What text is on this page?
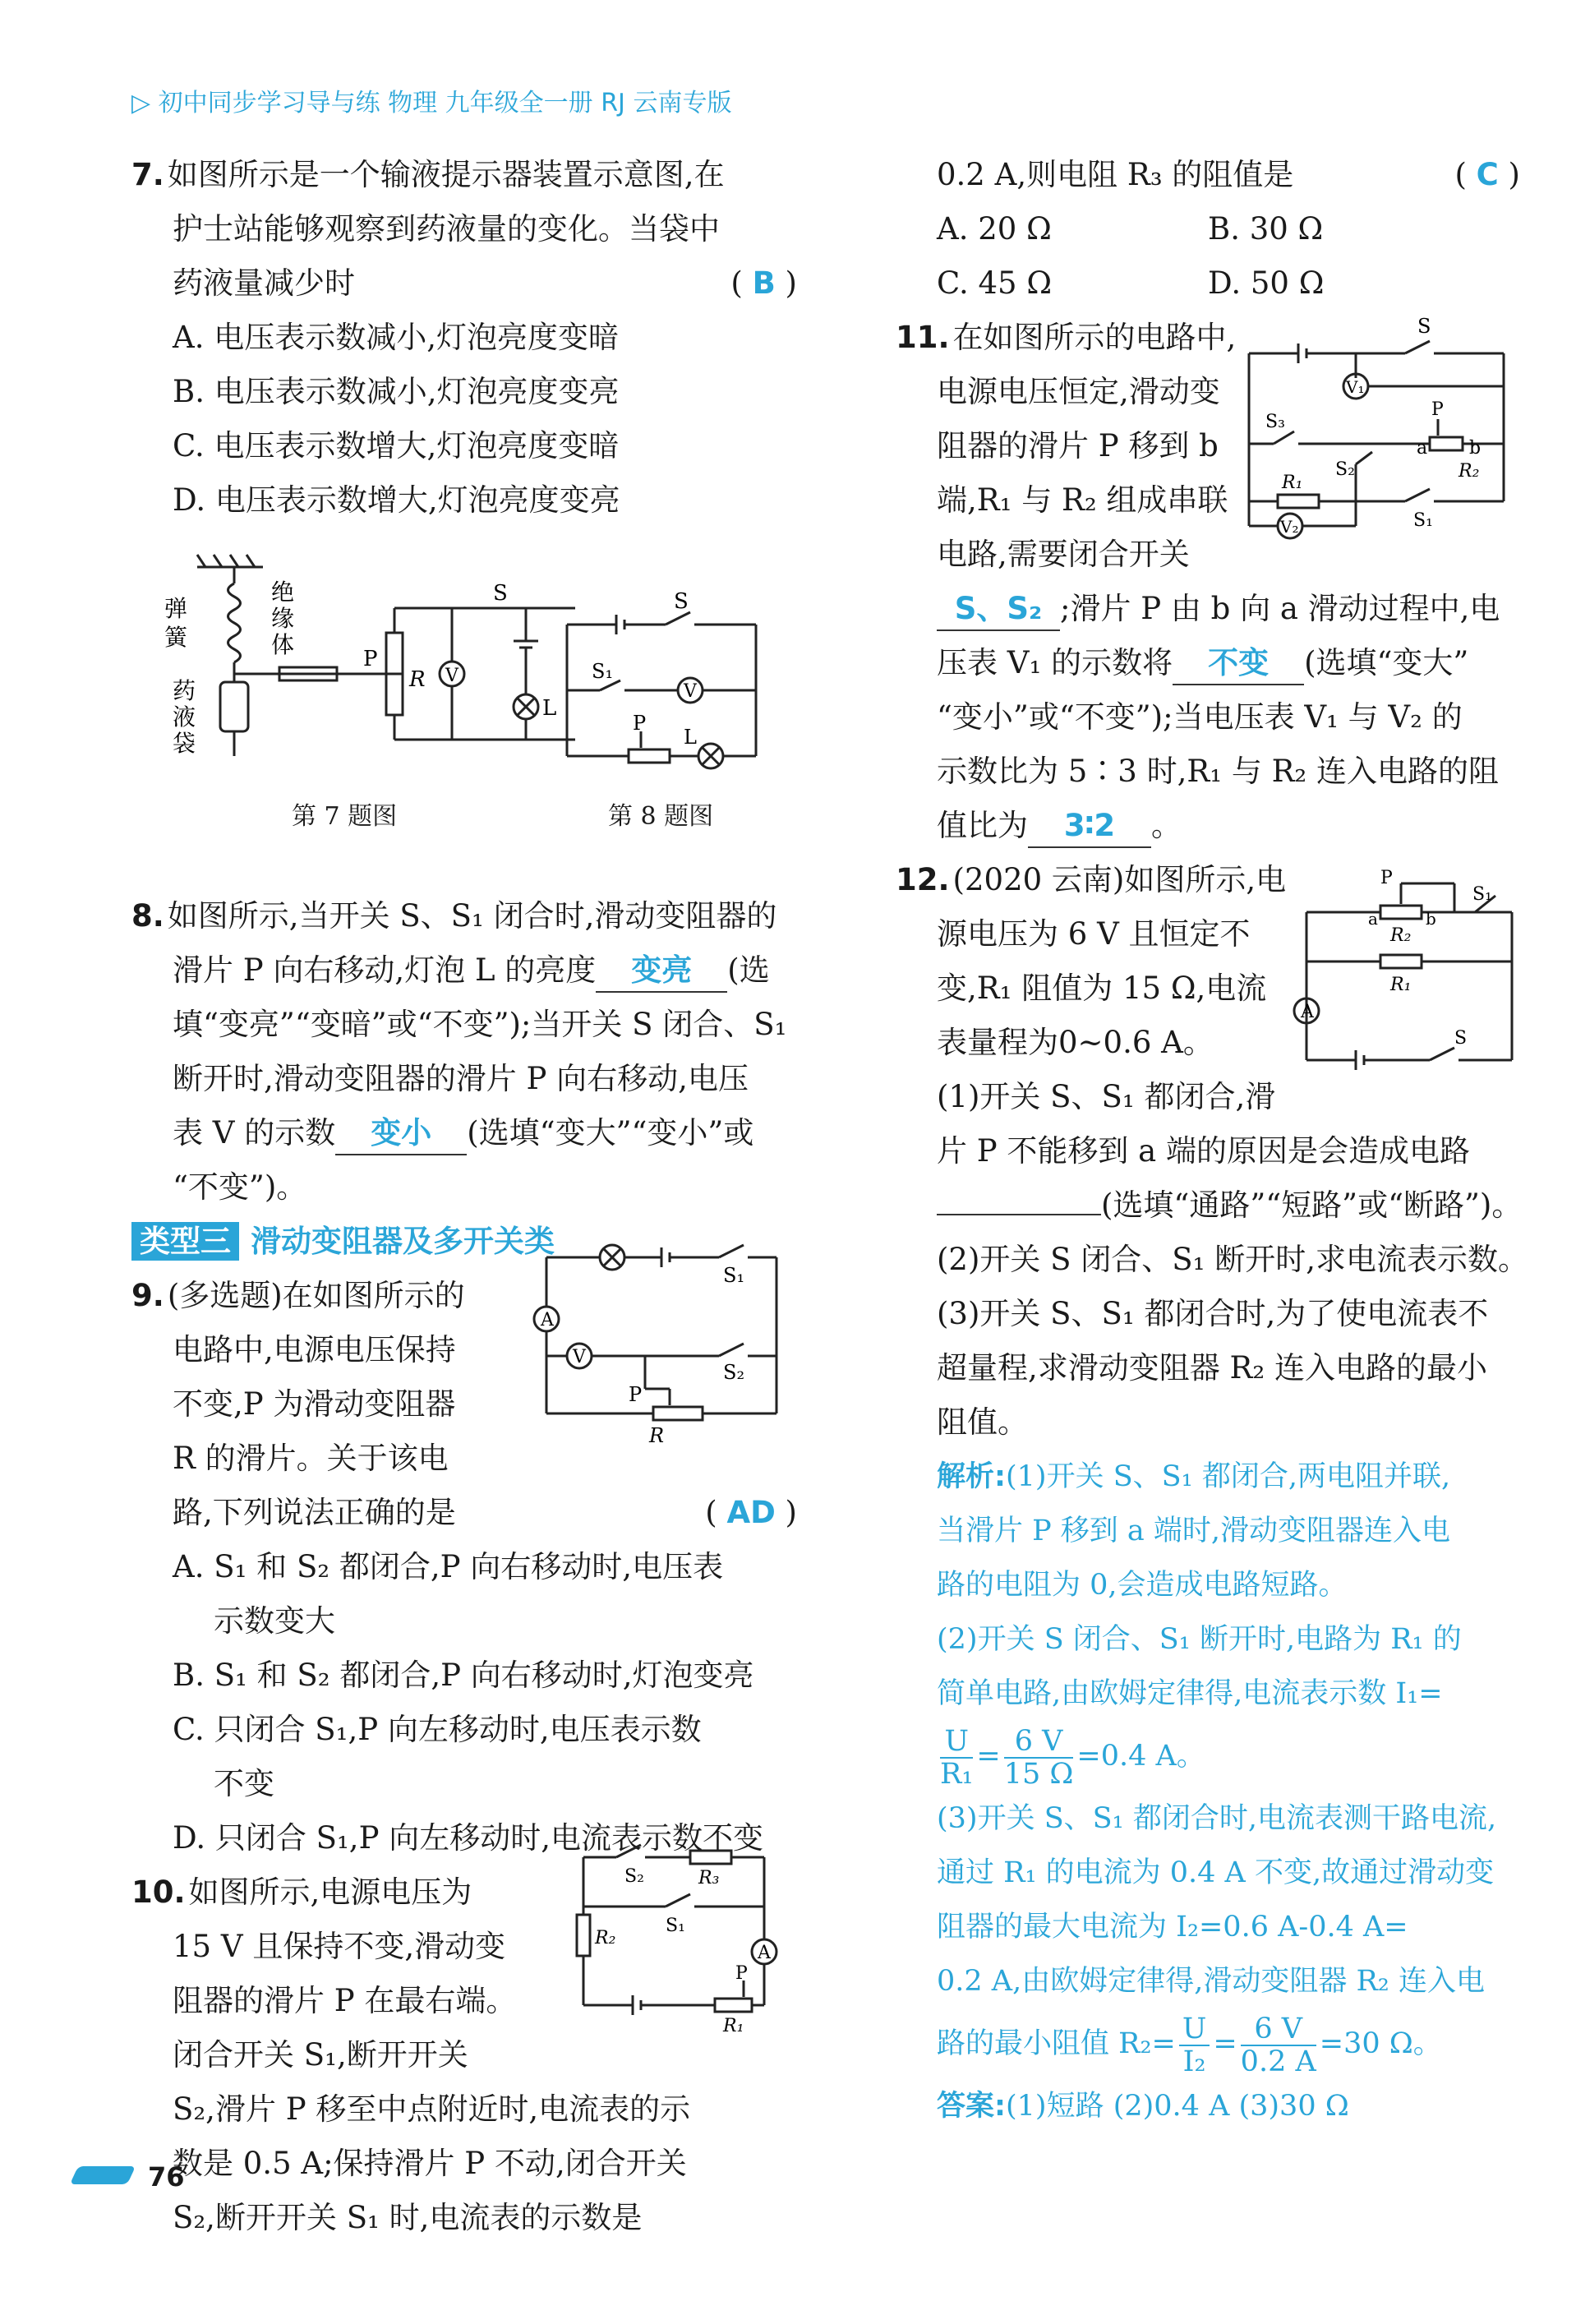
▷ 初中同步学习导与练 物理 九年级全一册 RJ 云南专版
7. 如图所示是一个输液提示器装置示意图,在
护士站能够观察到药液量的变化。当袋中
药液量减少时	( B )
A. 电压表示数减小,灯泡亮度变暗
B. 电压表示数减小,灯泡亮度变亮
C. 电压表示数增大,灯泡亮度变暗
D. 电压表示数增大,灯泡亮度变亮
8. 如图所示,当开关 S、S₁ 闭合时,滑动变阻器的
滑片 P 向右移动,灯泡 L 的亮度 变亮 (选
填“变亮”“变暗”或“不变”);当开关 S 闭合、S₁
断开时,滑动变阻器的滑片 P 向右移动,电压
表 V 的示数 变小 (选填“变大”“变小”或
“不变”)。
类型三 滑动变阻器及多开关类
9. (多选题)在如图所示的
电路中,电源电压保持
不变,P 为滑动变阻器
R 的滑片。关于该电
路,下列说法正确的是	( AD )
A. S₁ 和 S₂ 都闭合,P 向右移动时,电压表
示数变大
B. S₁ 和 S₂ 都闭合,P 向右移动时,灯泡变亮
C. 只闭合 S₁,P 向左移动时,电压表示数
不变
D. 只闭合 S₁,P 向左移动时,电流表示数不变
10. 如图所示,电源电压为
15 V 且保持不变,滑动变
阻器的滑片 P 在最右端。
闭合开关 S₁,断开开关
S₂,滑片 P 移至中点附近时,电流表的示
数是 0.5 A;保持滑片 P 不动,闭合开关
S₂,断开开关 S₁ 时,电流表的示数是
弹
簧
绝
缘
体
药
液
袋
P
R V
L
S
第 7 题图
S
S₁
V
P
L
第 8 题图
A
V
S₁
S₂
P
R
S₂	R₃
S₁
R₂
A
P
R₁
0.2 A,则电阻 R₃ 的阻值是	( C )
A. 20 Ω	B. 30 Ω
C. 45 Ω	D. 50 Ω
11. 在如图所示的电路中,
电源电压恒定,滑动变
阻器的滑片 P 移到 b
端,R₁ 与 R₂ 组成串联
电路,需要闭合开关
S、S₂ ;滑片 P 由 b 向 a 滑动过程中,电
压表 V₁ 的示数将 不变 (选填“变大”
“变小”或“不变”);当电压表 V₁ 与 V₂ 的
示数比为 5∶3 时,R₁ 与 R₂ 连入电路的阻
值比为 3∶2 。
12. (2020 云南)如图所示,电
源电压为 6 V 且恒定不
变,R₁ 阻值为 15 Ω,电流
表量程为0~0.6 A。
(1)开关 S、S₁ 都闭合,滑
片 P 不能移到 a 端的原因是会造成电路
(选填“通路”“短路”或“断路”)。
(2)开关 S 闭合、S₁ 断开时,求电流表示数。
(3)开关 S、S₁ 都闭合时,为了使电流表不
超量程,求滑动变阻器 R₂ 连入电路的最小
阻值。
解析:(1)开关 S、S₁ 都闭合,两电阻并联,
当滑片 P 移到 a 端时,滑动变阻器连入电
路的电阻为 0,会造成电路短路。
(2)开关 S 闭合、S₁ 断开时,电路为 R₁ 的
简单电路,由欧姆定律得,电流表示数 I₁=
$\frac{U}{\text{R₁}} = \frac{6 V}{15 \Omega} =0.4$ A。
(3)开关 S、S₁ 都闭合时,电流表测干路电流,
通过 R₁ 的电流为 0.4 A 不变,故通过滑动变
阻器的最大电流为 I₂=0.6 A-0.4 A=
0.2 A,由欧姆定律得,滑动变阻器 R₂ 连入电
路的最小阻值 $R_2= \frac{U}{\text{I₂}} = \frac{6 V}{0.2 A} =30$ Ω。
答案:(1)短路 (2)0.4 A (3)30 Ω
S
V₁
S₃
P
a b
R₂
S₂
R₁
S₁
V₂
P
a	b
R₂
S₁
R₁
A
S
76
